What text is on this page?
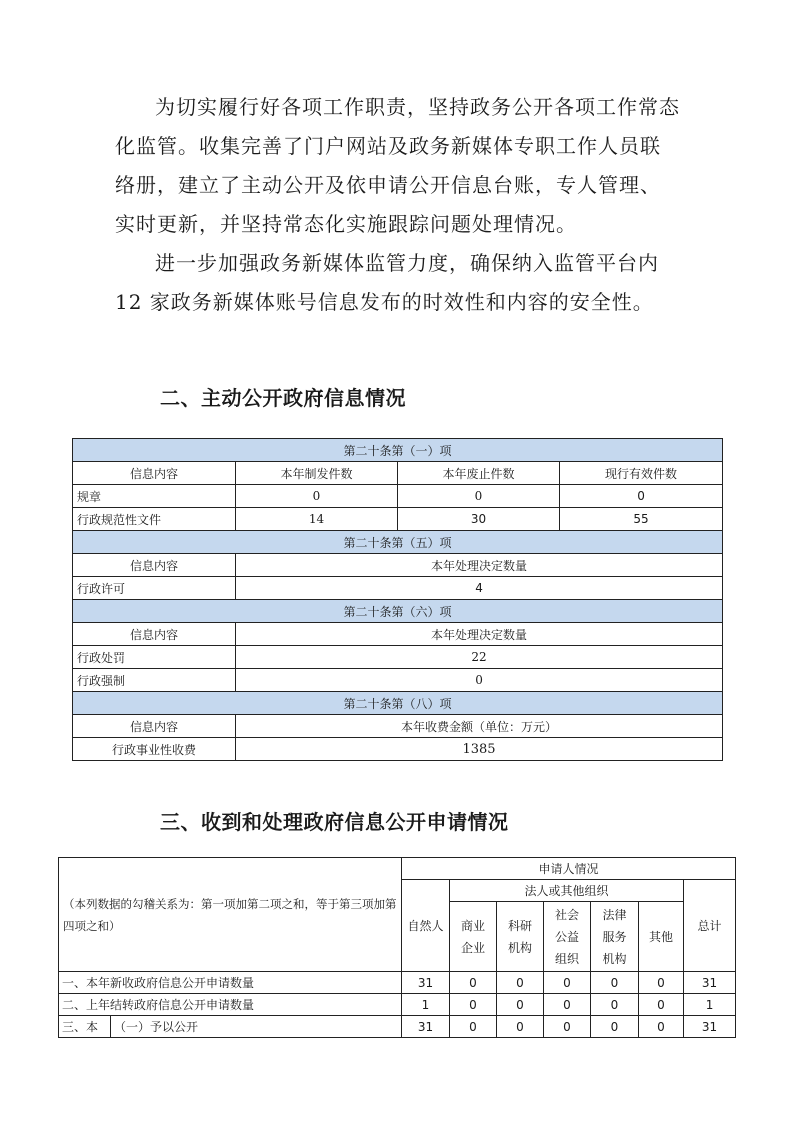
为切实履行好各项工作职责，坚持政务公开各项工作常态化监管。收集完善了门户网站及政务新媒体专职工作人员联络册，建立了主动公开及依申请公开信息台账，专人管理、实时更新，并坚持常态化实施跟踪问题处理情况。

进一步加强政务新媒体监管力度，确保纳入监管平台内12 家政务新媒体账号信息发布的时效性和内容的安全性。

二、主动公开政府信息情况
第二十条第（一）项			
信息内容	本年制发件数	本年废止件数	现行有效件数
规章	0	0	0
行政规范性文件	14	30	55
第二十条第（五）项			
信息内容	本年处理决定数量		
行政许可	4		
第二十条第（六）项			
信息内容	本年处理决定数量		
行政处罚	22		
行政强制	0		
第二十条第（八）项			
信息内容	本年收费金额（单位：万元）		
行政事业性收费	1385		
三、收到和处理政府信息公开申请情况
（本列数据的勾稽关系为：第一项加第二项之和，等于第三项加第四项之和）		申请人情况						
		自然人	法人或其他组织					总计
			商业企业	科研机构	社会公益组织	法律服务机构	其他	
一、本年新收政府信息公开申请数量		31	0	0	0	0	0	31
二、上年结转政府信息公开申请数量		1	0	0	0	0	0	1
三、本	（一）予以公开	31	0	0	0	0	0	31
